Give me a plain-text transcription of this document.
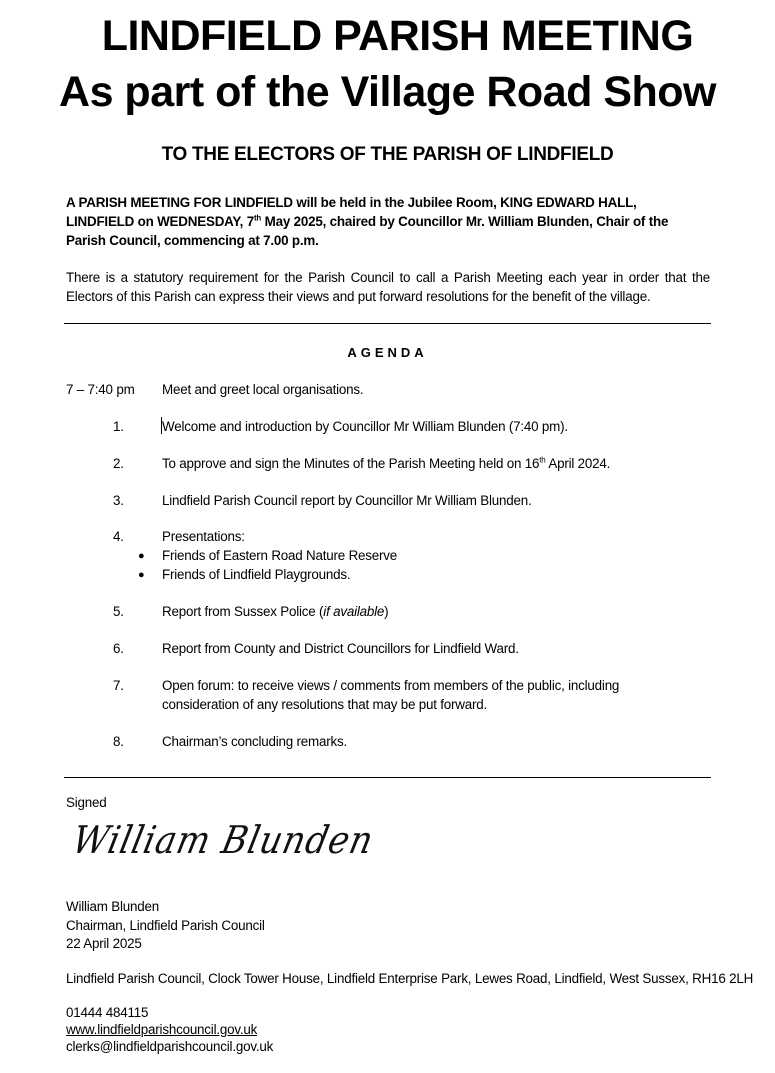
LINDFIELD PARISH MEETING
As part of the Village Road Show
TO THE ELECTORS OF THE PARISH OF LINDFIELD
A PARISH MEETING FOR LINDFIELD will be held in the Jubilee Room, KING EDWARD HALL,
LINDFIELD on WEDNESDAY, 7th May 2025, chaired by Councillor Mr. William Blunden, Chair of the
Parish Council, commencing at 7.00 p.m.
There is a statutory requirement for the Parish Council to call a Parish Meeting each year in order that the
Electors of this Parish can express their views and put forward resolutions for the benefit of the village.
AGENDA
7 – 7:40 pm Meet and greet local organisations.
1.	Welcome and introduction by Councillor Mr William Blunden (7:40 pm).
2.	To approve and sign the Minutes of the Parish Meeting held on 16th April 2024.
3.	Lindfield Parish Council report by Councillor Mr William Blunden.
4.	Presentations:
● Friends of Eastern Road Nature Reserve
● Friends of Lindfield Playgrounds.
5.	Report from Sussex Police (if available)
6.	Report from County and District Councillors for Lindfield Ward.
7.	Open forum: to receive views / comments from members of the public, including
consideration of any resolutions that may be put forward.
8.	Chairman’s concluding remarks.
Signed
William Blunden
William Blunden
Chairman, Lindfield Parish Council
22 April 2025
Lindfield Parish Council, Clock Tower House, Lindfield Enterprise Park, Lewes Road, Lindfield, West Sussex, RH16 2LH
01444 484115
www.lindfieldparishcouncil.gov.uk
clerks@lindfieldparishcouncil.gov.uk
